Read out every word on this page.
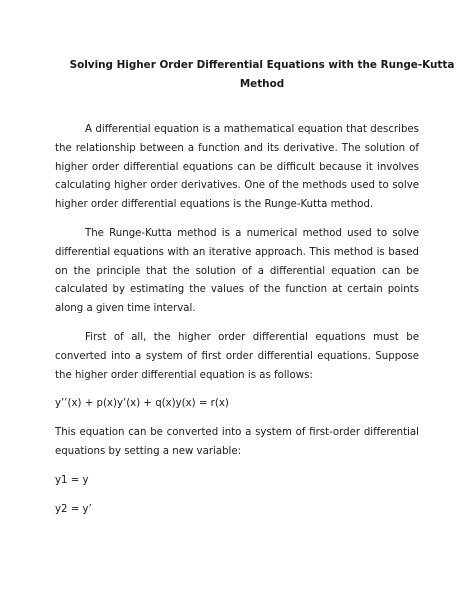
Solving Higher Order Differential Equations with the Runge-Kutta Method

A differential equation is a mathematical equation that describes the relationship between a function and its derivative. The solution of higher order differential equations can be difficult because it involves calculating higher order derivatives. One of the methods used to solve higher order differential equations is the Runge-Kutta method.

The Runge-Kutta method is a numerical method used to solve differential equations with an iterative approach. This method is based on the principle that the solution of a differential equation can be calculated by estimating the values of the function at certain points along a given time interval.

First of all, the higher order differential equations must be converted into a system of first order differential equations. Suppose the higher order differential equation is as follows:

y’’(x) + p(x)y’(x) + q(x)y(x) = r(x)

This equation can be converted into a system of first-order differential equations by setting a new variable:

y1 = y

y2 = y’
